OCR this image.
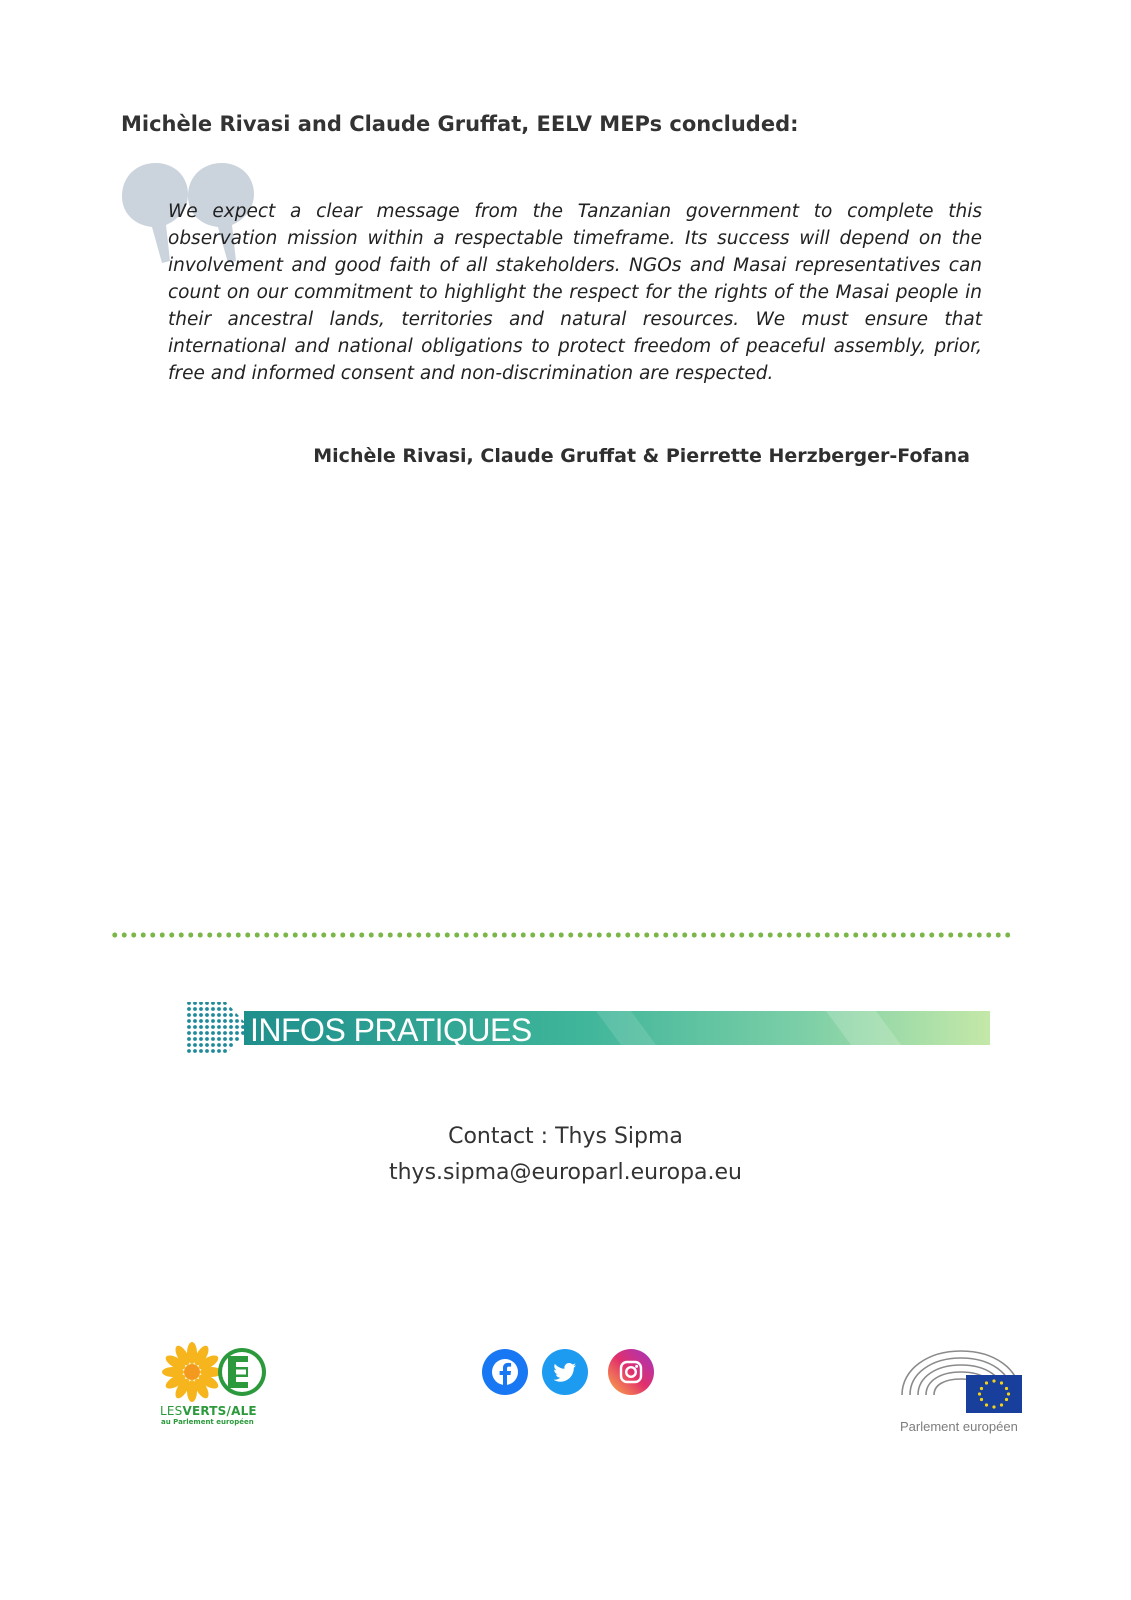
Michèle Rivasi and Claude Gruffat, EELV MEPs concluded:

We expect a clear message from the Tanzanian government to complete this observation mission within a respectable timeframe. Its success will depend on the involvement and good faith of all stakeholders. NGOs and Masai representatives can count on our commitment to highlight the respect for the rights of the Masai people in their ancestral lands, territories and natural resources. We must ensure that international and national obligations to protect freedom of peaceful assembly, prior, free and informed consent and non-discrimination are respected.

Michèle Rivasi, Claude Gruffat & Pierrette Herzberger-Fofana

INFOS PRATIQUES
Contact : Thys Sipma
thys.sipma@europarl.europa.eu
LESVERTS/ALE
au Parlement européen	Parlement européen
